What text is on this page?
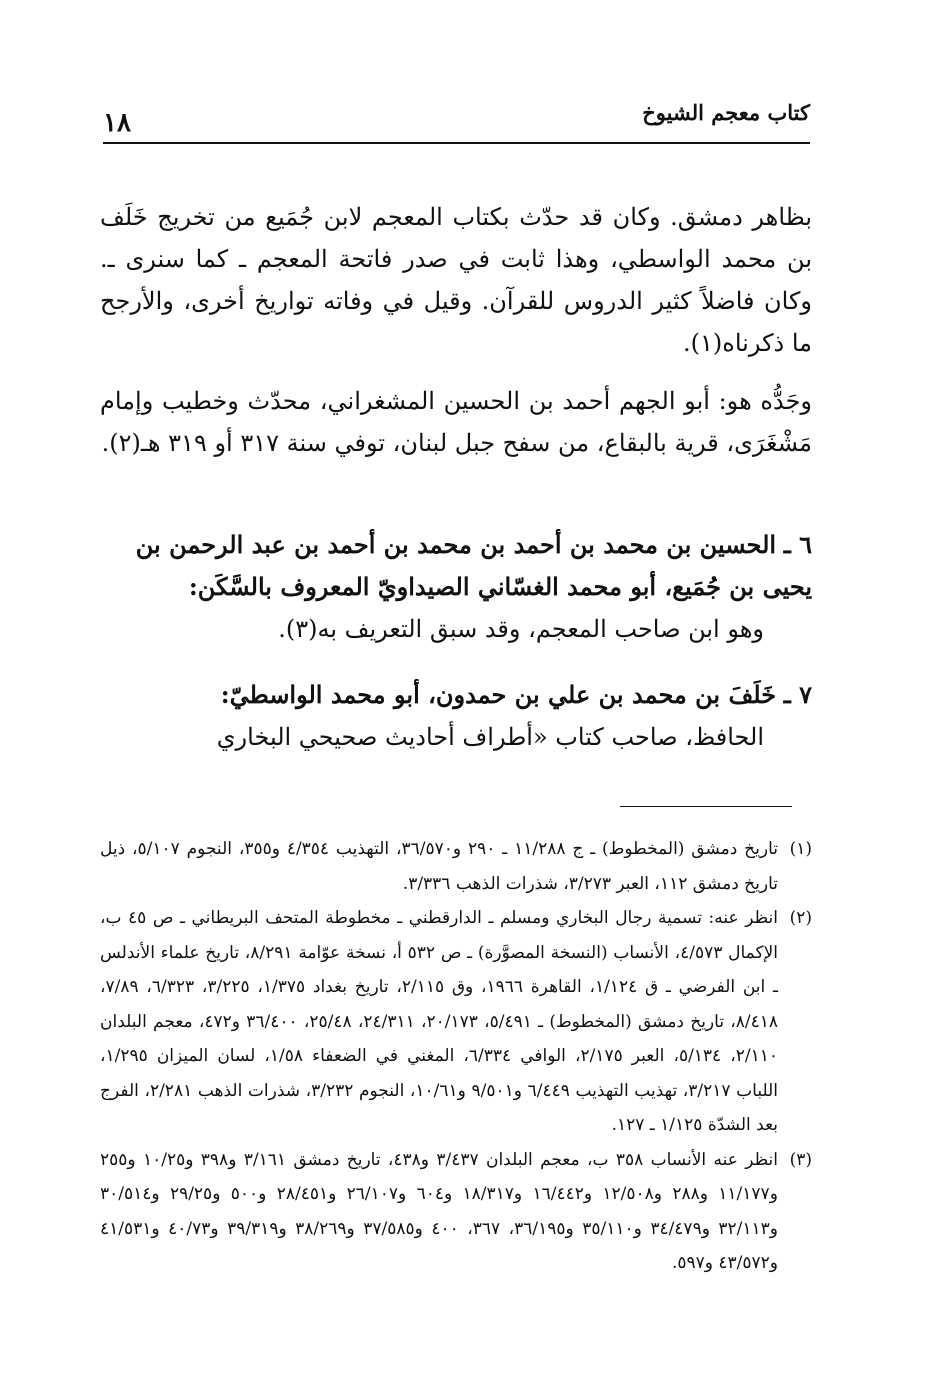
١٨	كتاب معجم الشيوخ

بظاهر دمشق. وكان قد حدّث بكتاب المعجم لابن جُمَيع من تخريج خَلَف بن محمد الواسطي، وهذا ثابت في صدر فاتحة المعجم ـ كما سنرى ـ. وكان فاضلاً كثير الدروس للقرآن. وقيل في وفاته تواريخ أخرى، والأرجح ما ذكرناه(١).

وجَدُّه هو: أبو الجهم أحمد بن الحسين المشغراني، محدّث وخطيب وإمام مَشْغَرَى، قرية بالبقاع، من سفح جبل لبنان، توفي سنة ٣١٧ أو ٣١٩ هـ(٢).

٦ ـ الحسين بن محمد بن أحمد بن محمد بن أحمد بن عبد الرحمن بن يحيى بن جُمَيع، أبو محمد الغسّاني الصيداويّ المعروف بالسَّكَن:
وهو ابن صاحب المعجم، وقد سبق التعريف به(٣).
٧ ـ خَلَفَ بن محمد بن علي بن حمدون، أبو محمد الواسطيّ:
الحافظ، صاحب كتاب «أطراف أحاديث صحيحي البخاري
(١)
تاريخ دمشق (المخطوط) ـ ج ١١/٢٨٨ ـ ٢٩٠ و٣٦/٥٧٠، التهذيب ٤/٣٥٤ و٣٥٥، النجوم ٥/١٠٧، ذيل تاريخ دمشق ١١٢، العبر ٣/٢٧٣، شذرات الذهب ٣/٣٣٦.
(٢)
انظر عنه: تسمية رجال البخاري ومسلم ـ الدارقطني ـ مخطوطة المتحف البريطاني ـ ص ٤٥ ب، الإكمال ٤/٥٧٣، الأنساب (النسخة المصوَّرة) ـ ص ٥٣٢ أ، نسخة عوّامة ٨/٢٩١، تاريخ علماء الأندلس ـ ابن الفرضي ـ ق ١/١٢٤، القاهرة ١٩٦٦، وق ٢/١١٥، تاريخ بغداد ١/٣٧٥، ٣/٢٢٥، ٦/٣٢٣، ٧/٨٩، ٨/٤١٨، تاريخ دمشق (المخطوط) ـ ٥/٤٩١، ٢٠/١٧٣، ٢٤/٣١١، ٢٥/٤٨، ٣٦/٤٠٠ و٤٧٢، معجم البلدان ٢/١١٠، ٥/١٣٤، العبر ٢/١٧٥، الوافي ٦/٣٣٤، المغني في الضعفاء ١/٥٨، لسان الميزان ١/٢٩٥، اللباب ٣/٢١٧، تهذيب التهذيب ٦/٤٤٩ و٩/٥٠١ و١٠/٦١، النجوم ٣/٢٣٢، شذرات الذهب ٢/٢٨١، الفرج بعد الشدّة ١/١٢٥ ـ ١٢٧.
(٣)
انظر عنه الأنساب ٣٥٨ ب، معجم البلدان ٣/٤٣٧ و٤٣٨، تاريخ دمشق ٣/١٦١ و٣٩٨ و١٠/٢٥ و٢٥٥ و١١/١٧٧ و٢٨٨ و١٢/٥٠٨ و١٦/٤٤٢ و١٨/٣١٧ و٦٠٤ و٢٦/١٠٧ و٢٨/٤٥١ و٥٠٠ و٢٩/٢٥ و٣٠/٥١٤ و٣٢/١١٣ و٣٤/٤٧٩ و٣٥/١١٠ و٣٦/١٩٥، ٣٦٧، ٤٠٠ و٣٧/٥٨٥ و٣٨/٢٦٩ و٣٩/٣١٩ و٤٠/٧٣ و٤١/٥٣١ و٤٣/٥٧٢ و٥٩٧.
